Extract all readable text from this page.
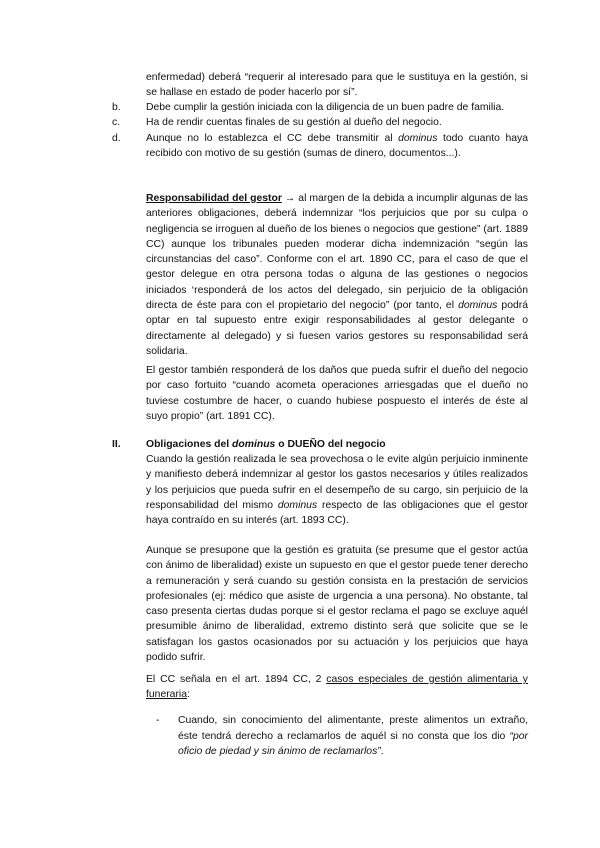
enfermedad) deberá “requerir al interesado para que le sustituya en la gestión, si se hallase en estado de poder hacerlo por sí”.

b. Debe cumplir la gestión iniciada con la diligencia de un buen padre de familia.

c. Ha de rendir cuentas finales de su gestión al dueño del negocio.

d. Aunque no lo establezca el CC debe transmitir al dominus todo cuanto haya recibido con motivo de su gestión (sumas de dinero, documentos...).

Responsabilidad del gestor → al margen de la debida a incumplir algunas de las anteriores obligaciones, deberá indemnizar “los perjuicios que por su culpa o negligencia se irroguen al dueño de los bienes o negocios que gestione” (art. 1889 CC) aunque los tribunales pueden moderar dicha indemnización “según las circunstancias del caso”. Conforme con el art. 1890 CC, para el caso de que el gestor delegue en otra persona todas o alguna de las gestiones o negocios iniciados ‘responderá de los actos del delegado, sin perjuicio de la obligación directa de éste para con el propietario del negocio” (por tanto, el dominus podrá optar en tal supuesto entre exigir responsabilidades al gestor delegante o directamente al delegado) y si fuesen varios gestores su responsabilidad será solidaria.

El gestor también responderá de los daños que pueda sufrir el dueño del negocio por caso fortuito “cuando acometa operaciones arriesgadas que el dueño no tuviese costumbre de hacer, o cuando hubiese pospuesto el interés de éste al suyo propio” (art. 1891 CC).

II. Obligaciones del dominus o DUEÑO del negocio

Cuando la gestión realizada le sea provechosa o le evite algún perjuicio inminente y manifiesto deberá indemnizar al gestor los gastos necesarios y útiles realizados y los perjuicios que pueda sufrir en el desempeño de su cargo, sin perjuicio de la responsabilidad del mismo dominus respecto de las obligaciones que el gestor haya contraído en su interés (art. 1893 CC).

Aunque se presupone que la gestión es gratuita (se presume que el gestor actúa con ánimo de liberalidad) existe un supuesto en que el gestor puede tener derecho a remuneración y será cuando su gestión consista en la prestación de servicios profesionales (ej: médico que asiste de urgencia a una persona). No obstante, tal caso presenta ciertas dudas porque si el gestor reclama el pago se excluye aquél presumible ánimo de liberalidad, extremo distinto será que solicite que se le satisfagan los gastos ocasionados por su actuación y los perjuicios que haya podido sufrir.

El CC señala en el art. 1894 CC, 2 casos especiales de gestión alimentaria y funeraria:

- Cuando, sin conocimiento del alimentante, preste alimentos un extraño, éste tendrá derecho a reclamarlos de aquél si no consta que los dio “por oficio de piedad y sin ánimo de reclamarlos”.
